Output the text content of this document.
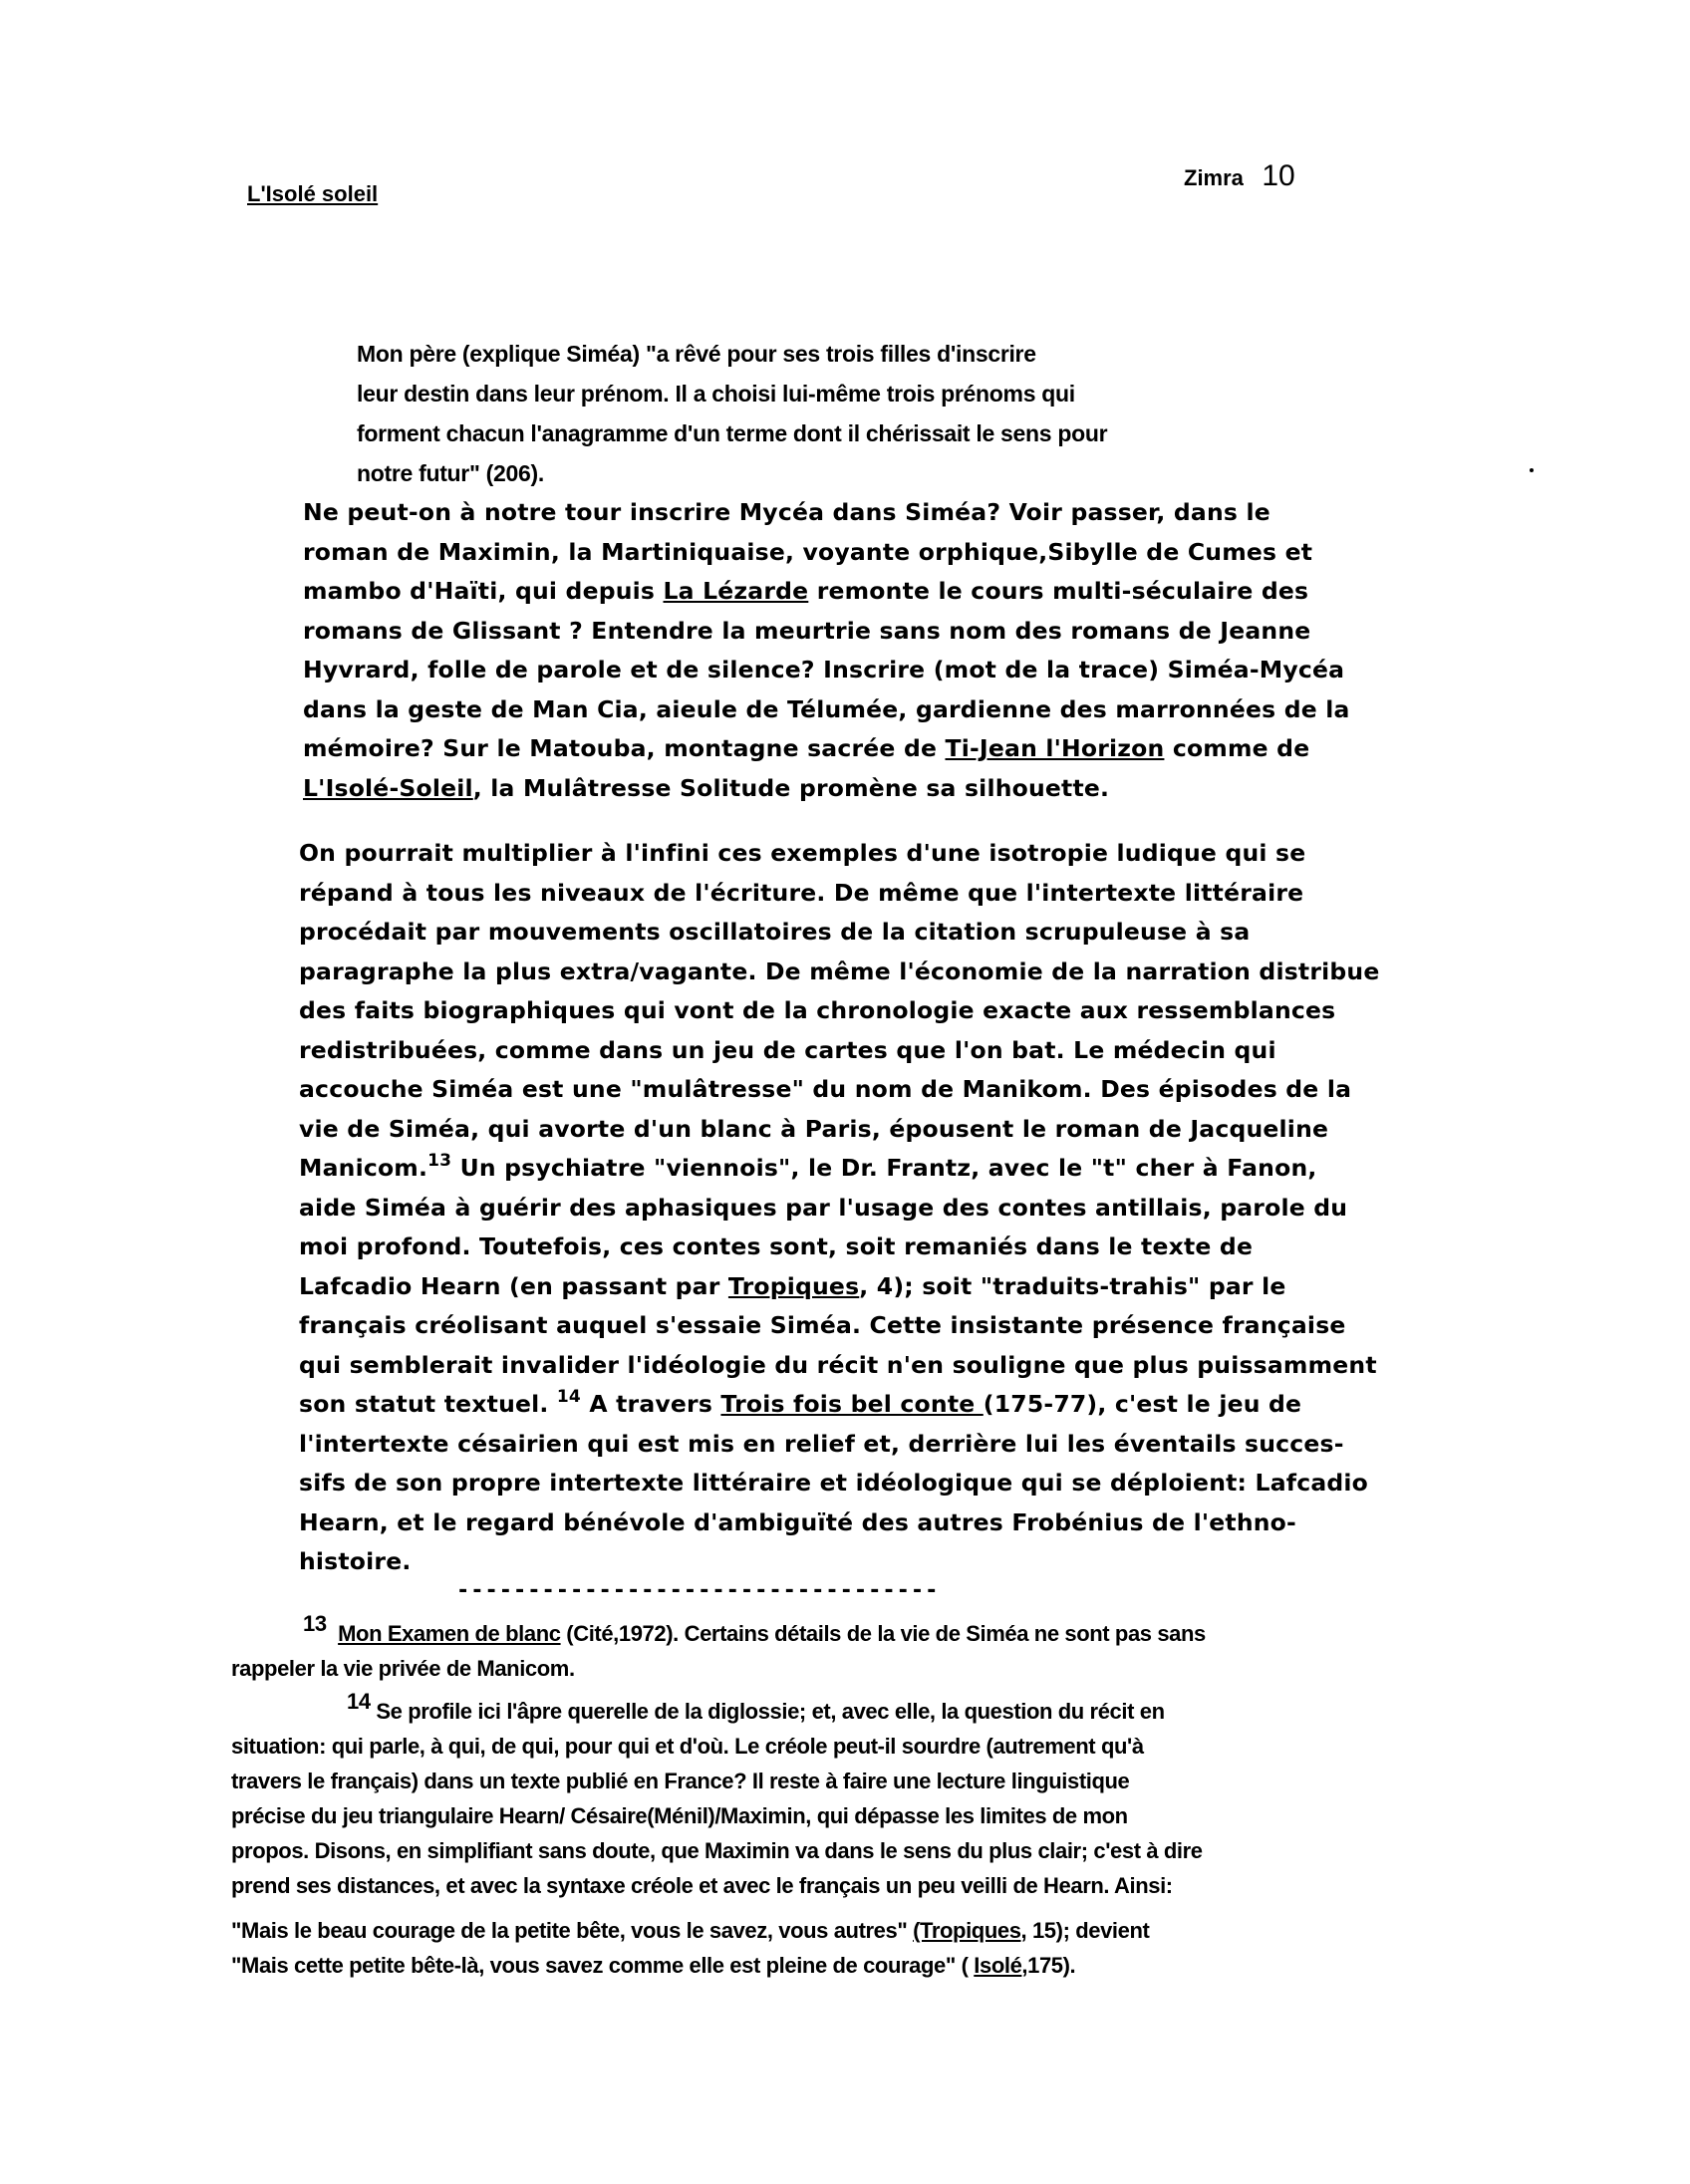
L'Isolé soleil
Zimra 10
Mon père (explique Siméa) "a rêvé pour ses trois filles d'inscrire
leur destin dans leur prénom. Il a choisi lui-même trois prénoms qui
forment chacun l'anagramme d'un terme dont il chérissait le sens pour
notre futur" (206).
Ne peut-on à notre tour inscrire Mycéa dans Siméa? Voir passer, dans le
roman de Maximin, la Martiniquaise, voyante orphique,Sibylle de Cumes et
mambo d'Haïti, qui depuis La Lézarde remonte le cours multi-séculaire des
romans de Glissant ? Entendre la meurtrie sans nom des romans de Jeanne
Hyvrard, folle de parole et de silence? Inscrire (mot de la trace) Siméa-Mycéa
dans la geste de Man Cia, aieule de Télumée, gardienne des marronnées de la
mémoire? Sur le Matouba, montagne sacrée de Ti-Jean l'Horizon comme de
L'Isolé-Soleil, la Mulâtresse Solitude promène sa silhouette.
On pourrait multiplier à l'infini ces exemples d'une isotropie ludique qui se
répand à tous les niveaux de l'écriture. De même que l'intertexte littéraire
procédait par mouvements oscillatoires de la citation scrupuleuse à sa
paragraphe la plus extra/vagante. De même l'économie de la narration distribue
des faits biographiques qui vont de la chronologie exacte aux ressemblances
redistribuées, comme dans un jeu de cartes que l'on bat. Le médecin qui
accouche Siméa est une "mulâtresse" du nom de Manikom. Des épisodes de la
vie de Siméa, qui avorte d'un blanc à Paris, épousent le roman de Jacqueline
Manicom.$^{13}$ Un psychiatre "viennois", le Dr. Frantz, avec le "t" cher à Fanon,
aide Siméa à guérir des aphasiques par l'usage des contes antillais, parole du
moi profond. Toutefois, ces contes sont, soit remaniés dans le texte de
Lafcadio Hearn (en passant par Tropiques, 4); soit "traduits-trahis" par le
français créolisant auquel s'essaie Siméa. Cette insistante présence française
qui semblerait invalider l'idéologie du récit n'en souligne que plus puissamment
son statut textuel. $^{14}$ A travers Trois fois bel conte (175-77), c'est le jeu de
l'intertexte césairien qui est mis en relief et, derrière lui les éventails succes-
sifs de son propre intertexte littéraire et idéologique qui se déploient: Lafcadio
Hearn, et le regard bénévole d'ambiguïté des autres Frobénius de l'ethno-
histoire.
----------------------------------
$^{13}$ Mon Examen de blanc (Cité,1972). Certains détails de la vie de Siméa ne sont pas sans
rappeler la vie privée de Manicom.
$^{14}$ Se profile ici l'âpre querelle de la diglossie; et, avec elle, la question du récit en
situation: qui parle, à qui, de qui, pour qui et d'où. Le créole peut-il sourdre (autrement qu'à
travers le français) dans un texte publié en France? Il reste à faire une lecture linguistique
précise du jeu triangulaire Hearn/ Césaire(Ménil)/Maximin, qui dépasse les limites de mon
propos. Disons, en simplifiant sans doute, que Maximin va dans le sens du plus clair; c'est à dire
prend ses distances, et avec la syntaxe créole et avec le français un peu veilli de Hearn. Ainsi:
"Mais le beau courage de la petite bête, vous le savez, vous autres" (Tropiques, 15); devient
"Mais cette petite bête-là, vous savez comme elle est pleine de courage" ( Isolé,175).
